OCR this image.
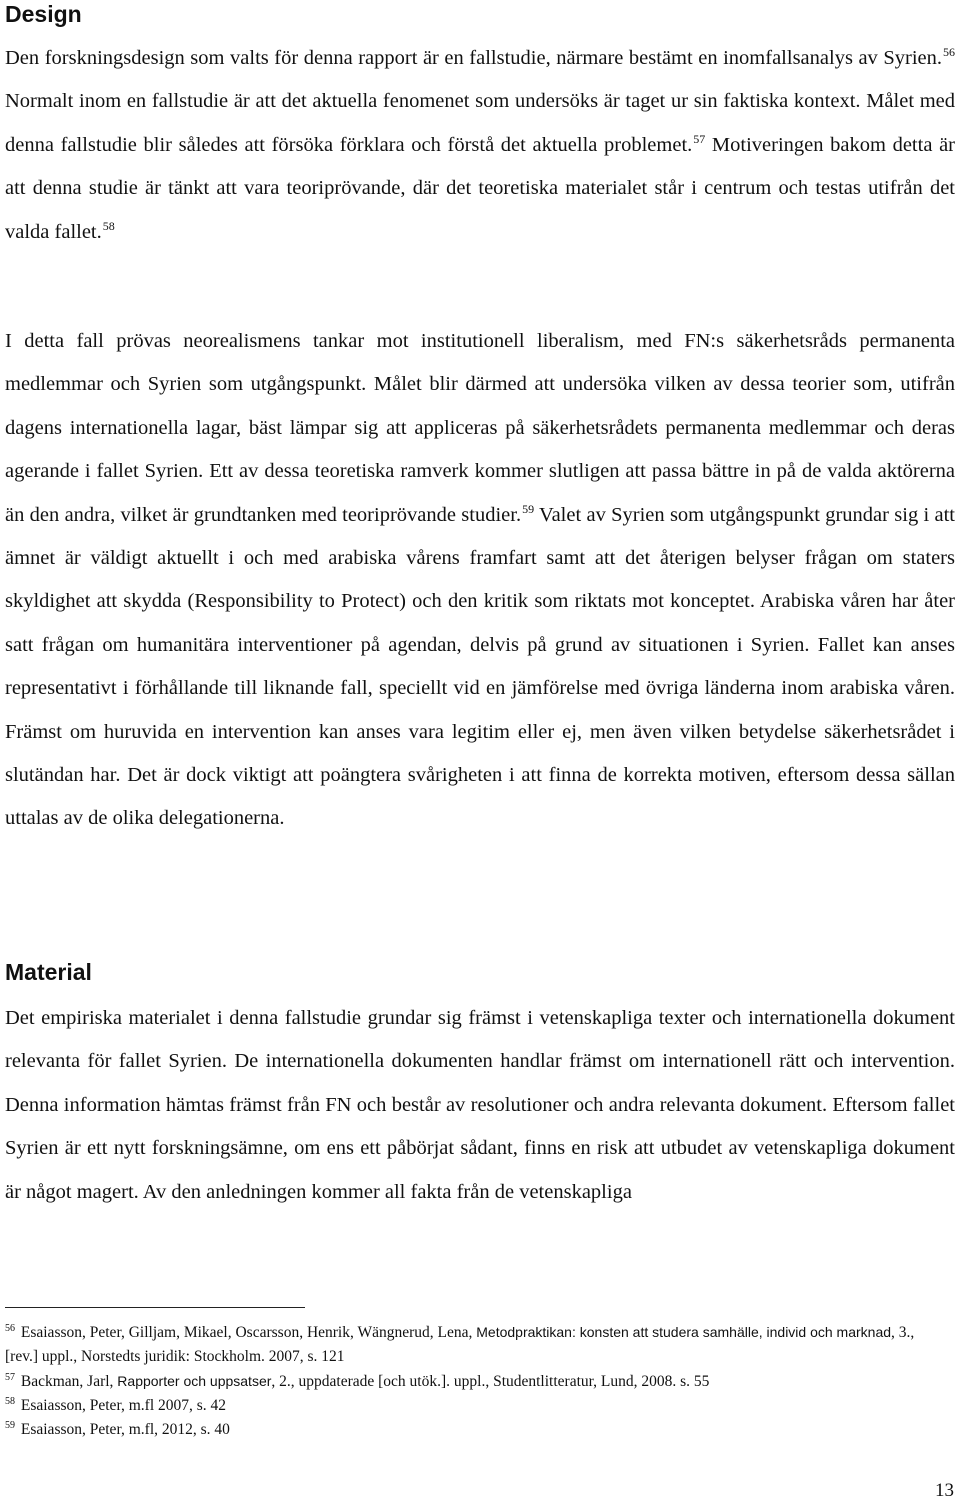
Design

Den forskningsdesign som valts för denna rapport är en fallstudie, närmare bestämt en inomfallsanalys av Syrien.$^{56}$ Normalt inom en fallstudie är att det aktuella fenomenet som undersöks är taget ur sin faktiska kontext. Målet med denna fallstudie blir således att försöka förklara och förstå det aktuella problemet.$^{57}$ Motiveringen bakom detta är att denna studie är tänkt att vara teoriprövande, där det teoretiska materialet står i centrum och testas utifrån det valda fallet.$^{58}$

I detta fall prövas neorealismens tankar mot institutionell liberalism, med FN:s säkerhetsråds permanenta medlemmar och Syrien som utgångspunkt. Målet blir därmed att undersöka vilken av dessa teorier som, utifrån dagens internationella lagar, bäst lämpar sig att appliceras på säkerhetsrådets permanenta medlemmar och deras agerande i fallet Syrien. Ett av dessa teoretiska ramverk kommer slutligen att passa bättre in på de valda aktörerna än den andra, vilket är grundtanken med teoriprövande studier.$^{59}$ Valet av Syrien som utgångspunkt grundar sig i att ämnet är väldigt aktuellt i och med arabiska vårens framfart samt att det återigen belyser frågan om staters skyldighet att skydda (Responsibility to Protect) och den kritik som riktats mot konceptet. Arabiska våren har åter satt frågan om humanitära interventioner på agendan, delvis på grund av situationen i Syrien. Fallet kan anses representativt i förhållande till liknande fall, speciellt vid en jämförelse med övriga länderna inom arabiska våren. Främst om huruvida en intervention kan anses vara legitim eller ej, men även vilken betydelse säkerhetsrådet i slutändan har. Det är dock viktigt att poängtera svårigheten i att finna de korrekta motiven, eftersom dessa sällan uttalas av de olika delegationerna.

Material

Det empiriska materialet i denna fallstudie grundar sig främst i vetenskapliga texter och internationella dokument relevanta för fallet Syrien. De internationella dokumenten handlar främst om internationell rätt och intervention. Denna information hämtas främst från FN och består av resolutioner och andra relevanta dokument. Eftersom fallet Syrien är ett nytt forskningsämne, om ens ett påbörjat sådant, finns en risk att utbudet av vetenskapliga dokument är något magert. Av den anledningen kommer all fakta från de vetenskapliga

$^{56}$ Esaiasson, Peter, Gilljam, Mikael, Oscarsson, Henrik, Wängnerud, Lena, Metodpraktikan: konsten att studera samhälle, individ och marknad, 3., [rev.] uppl., Norstedts juridik: Stockholm. 2007, s. 121

$^{57}$ Backman, Jarl, Rapporter och uppsatser, 2., uppdaterade [och utök.]. uppl., Studentlitteratur, Lund, 2008. s. 55

$^{58}$ Esaiasson, Peter, m.fl 2007, s. 42

$^{59}$ Esaiasson, Peter, m.fl, 2012, s. 40

13
